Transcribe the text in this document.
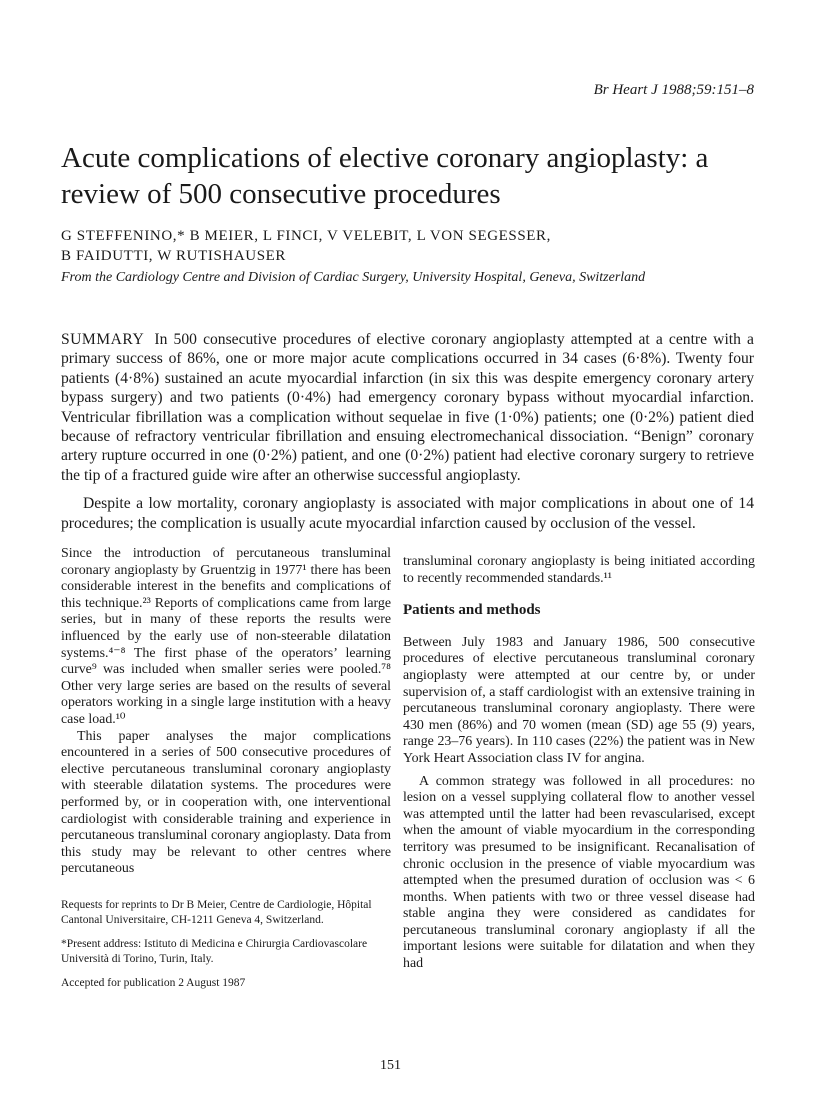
Br Heart J 1988;59:151–8
Acute complications of elective coronary angioplasty: a review of 500 consecutive procedures
G STEFFENINO,* B MEIER, L FINCI, V VELEBIT, L VON SEGESSER,
B FAIDUTTI, W RUTISHAUSER
From the Cardiology Centre and Division of Cardiac Surgery, University Hospital, Geneva, Switzerland

SUMMARY In 500 consecutive procedures of elective coronary angioplasty attempted at a centre with a primary success of 86%, one or more major acute complications occurred in 34 cases (6·8%). Twenty four patients (4·8%) sustained an acute myocardial infarction (in six this was despite emergency coronary artery bypass surgery) and two patients (0·4%) had emergency coronary bypass without myocardial infarction. Ventricular fibrillation was a complication without sequelae in five (1·0%) patients; one (0·2%) patient died because of refractory ventricular fibrillation and ensuing electromechanical dissociation. “Benign” coronary artery rupture occurred in one (0·2%) patient, and one (0·2%) patient had elective coronary surgery to retrieve the tip of a fractured guide wire after an otherwise successful angioplasty.

Despite a low mortality, coronary angioplasty is associated with major complications in about one of 14 procedures; the complication is usually acute myocardial infarction caused by occlusion of the vessel.

Since the introduction of percutaneous transluminal coronary angioplasty by Gruentzig in 1977¹ there has been considerable interest in the benefits and complications of this technique.²³ Reports of complications came from large series, but in many of these reports the results were influenced by the early use of non-steerable dilatation systems.⁴⁻⁸ The first phase of the operators’ learning curve⁹ was included when smaller series were pooled.⁷⁸ Other very large series are based on the results of several operators working in a single large institution with a heavy case load.¹⁰

This paper analyses the major complications encountered in a series of 500 consecutive procedures of elective percutaneous transluminal coronary angioplasty with steerable dilatation systems. The procedures were performed by, or in cooperation with, one interventional cardiologist with considerable training and experience in percutaneous transluminal coronary angioplasty. Data from this study may be relevant to other centres where percutaneous

transluminal coronary angioplasty is being initiated according to recently recommended standards.¹¹

Patients and methods

Between July 1983 and January 1986, 500 consecutive procedures of elective percutaneous transluminal coronary angioplasty were attempted at our centre by, or under supervision of, a staff cardiologist with an extensive training in percutaneous transluminal coronary angioplasty. There were 430 men (86%) and 70 women (mean (SD) age 55 (9) years, range 23–76 years). In 110 cases (22%) the patient was in New York Heart Association class IV for angina.

A common strategy was followed in all procedures: no lesion on a vessel supplying collateral flow to another vessel was attempted until the latter had been revascularised, except when the amount of viable myocardium in the corresponding territory was presumed to be insignificant. Recanalisation of chronic occlusion in the presence of viable myocardium was attempted when the presumed duration of occlusion was < 6 months. When patients with two or three vessel disease had stable angina they were considered as candidates for percutaneous transluminal coronary angioplasty if all the important lesions were suitable for dilatation and when they had

Requests for reprints to Dr B Meier, Centre de Cardiologie, Hôpital Cantonal Universitaire, CH-1211 Geneva 4, Switzerland.

*Present address: Istituto di Medicina e Chirurgia Cardiovascolare Università di Torino, Turin, Italy.

Accepted for publication 2 August 1987

151
